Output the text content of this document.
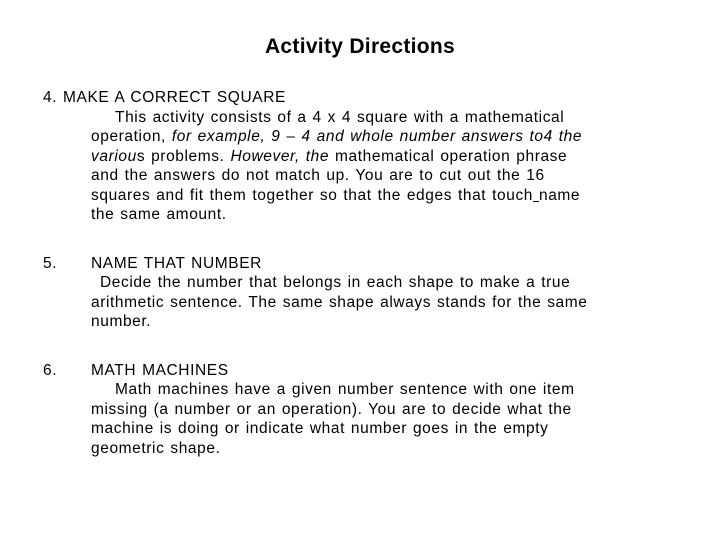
Activity Directions
4. MAKE A CORRECT SQUARE
This activity consists of a 4 x 4 square with a mathematical
operation, for example, 9 – 4 and whole number answers to4 the
various problems. However, the mathematical operation phrase
and the answers do not match up. You are to cut out the 16
squares and fit them together so that the edges that touch name
the same amount.
5. NAME THAT NUMBER
Decide the number that belongs in each shape to make a true
arithmetic sentence. The same shape always stands for the same
number.
6. MATH MACHINES
Math machines have a given number sentence with one item
missing (a number or an operation). You are to decide what the
machine is doing or indicate what number goes in the empty
geometric shape.
